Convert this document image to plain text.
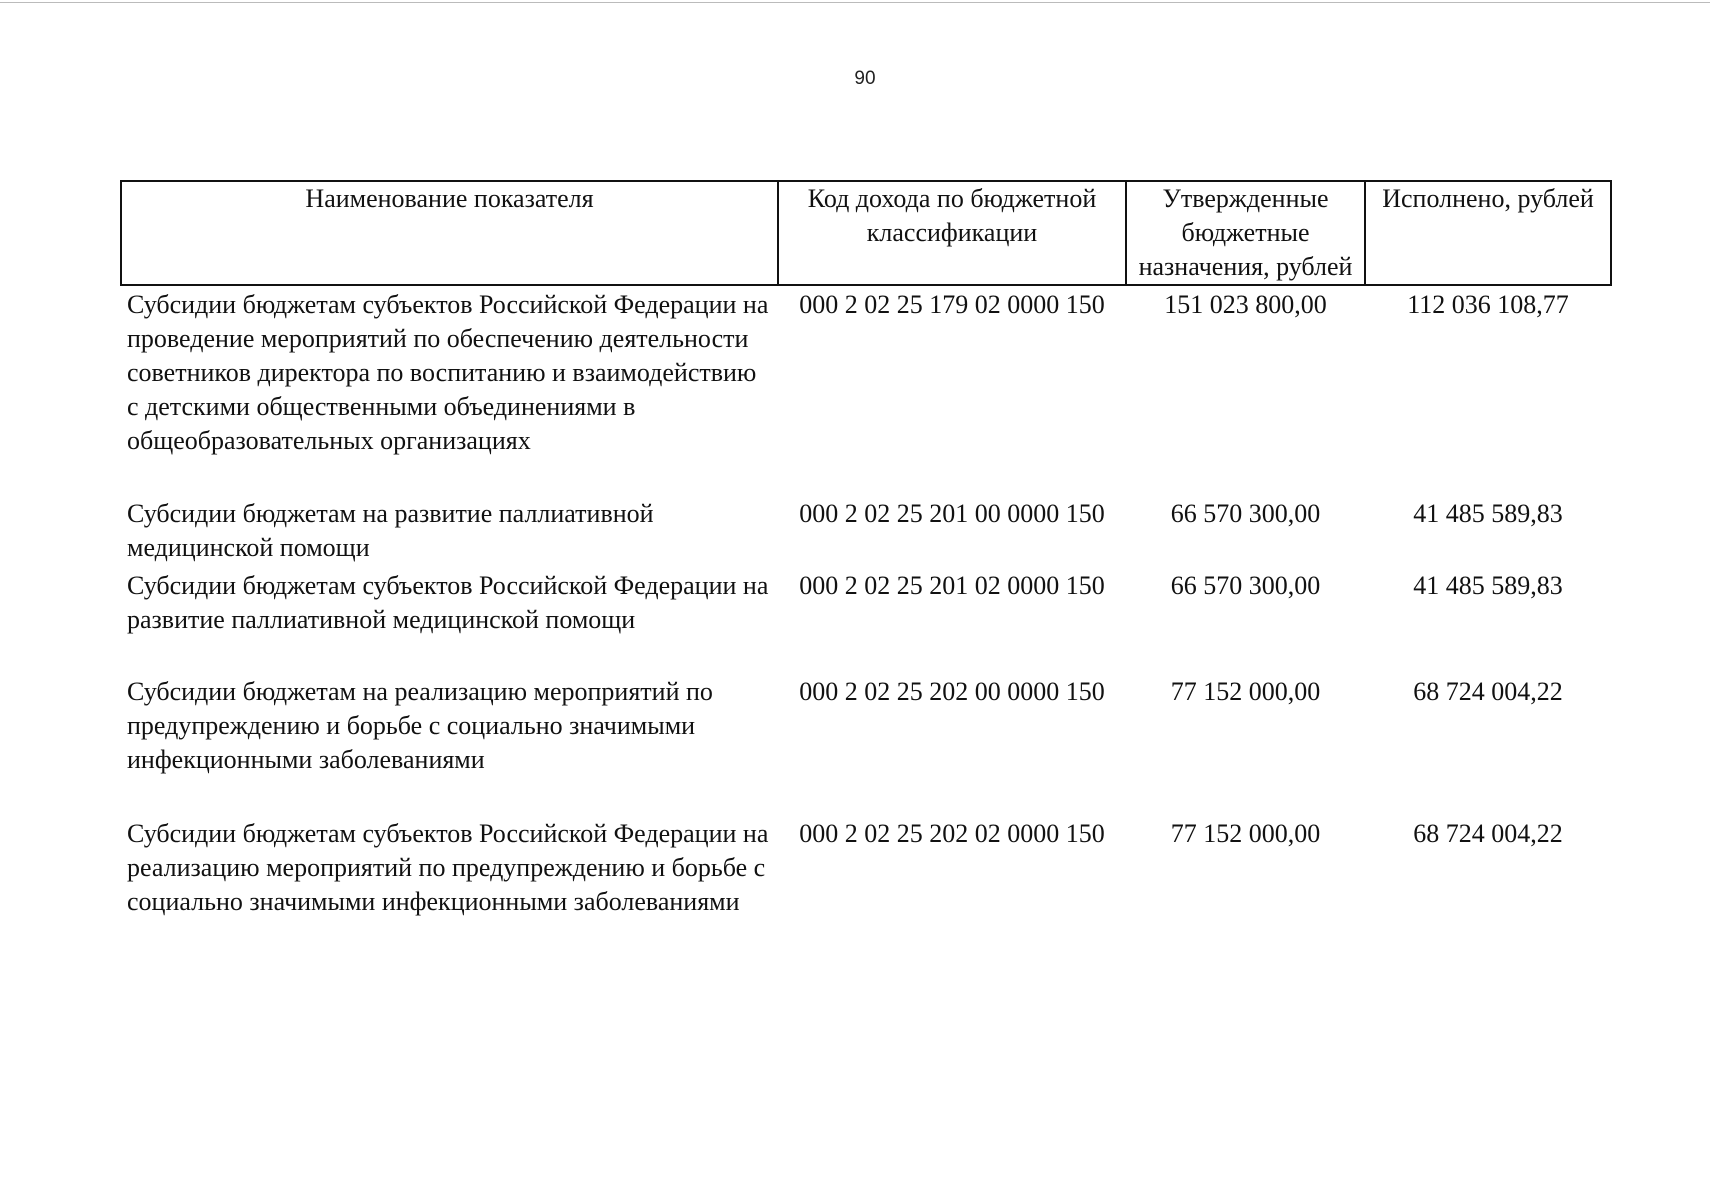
90
Наименование показателя	Код дохода по бюджетной классификации	Утвержденные бюджетные назначения, рублей	Исполнено, рублей
Субсидии бюджетам субъектов Российской Федерации на проведение мероприятий по обеспечению деятельности советников директора по воспитанию и взаимодействию с детскими общественными объединениями в общеобразовательных организациях	000 2 02 25 179 02 0000 150	151 023 800,00	112 036 108,77
Субсидии бюджетам на развитие паллиативной медицинской помощи	000 2 02 25 201 00 0000 150	66 570 300,00	41 485 589,83
Субсидии бюджетам субъектов Российской Федерации на развитие паллиативной медицинской помощи	000 2 02 25 201 02 0000 150	66 570 300,00	41 485 589,83
Субсидии бюджетам на реализацию мероприятий по предупреждению и борьбе с социально значимыми инфекционными заболеваниями	000 2 02 25 202 00 0000 150	77 152 000,00	68 724 004,22
Субсидии бюджетам субъектов Российской Федерации на реализацию мероприятий по предупреждению и борьбе с социально значимыми инфекционными заболеваниями	000 2 02 25 202 02 0000 150	77 152 000,00	68 724 004,22
